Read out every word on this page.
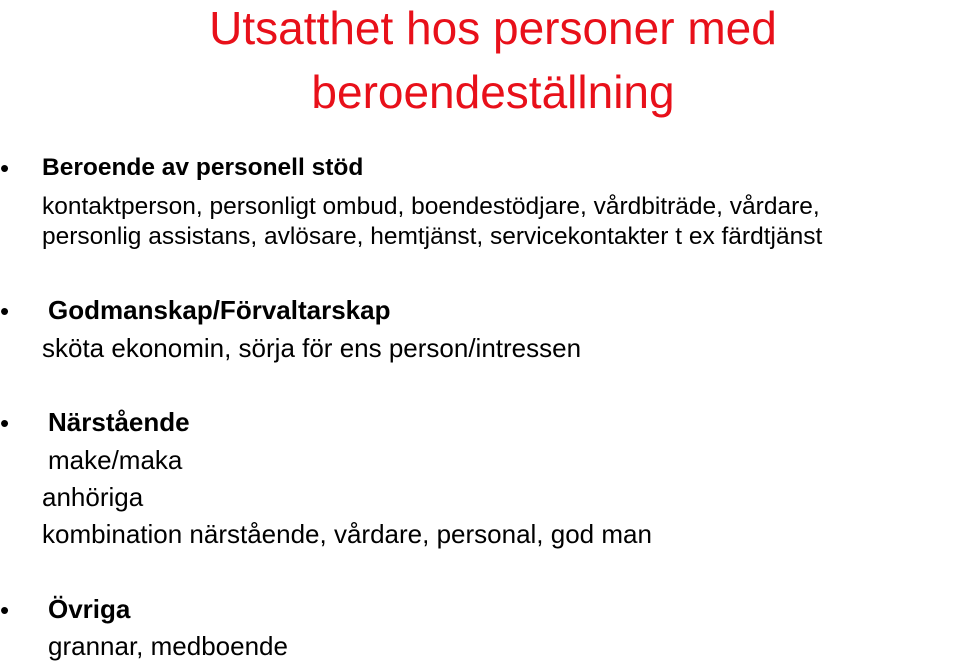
Utsatthet hos personer med
beroendeställning
• Beroende av personell stöd
kontaktperson, personligt ombud, boendestödjare, vårdbiträde, vårdare,
personlig assistans, avlösare, hemtjänst, servicekontakter t ex färdtjänst
• Godmanskap/Förvaltarskap
sköta ekonomin, sörja för ens person/intressen
• Närstående
make/maka
anhöriga
kombination närstående, vårdare, personal, god man
• Övriga
grannar, medboende
